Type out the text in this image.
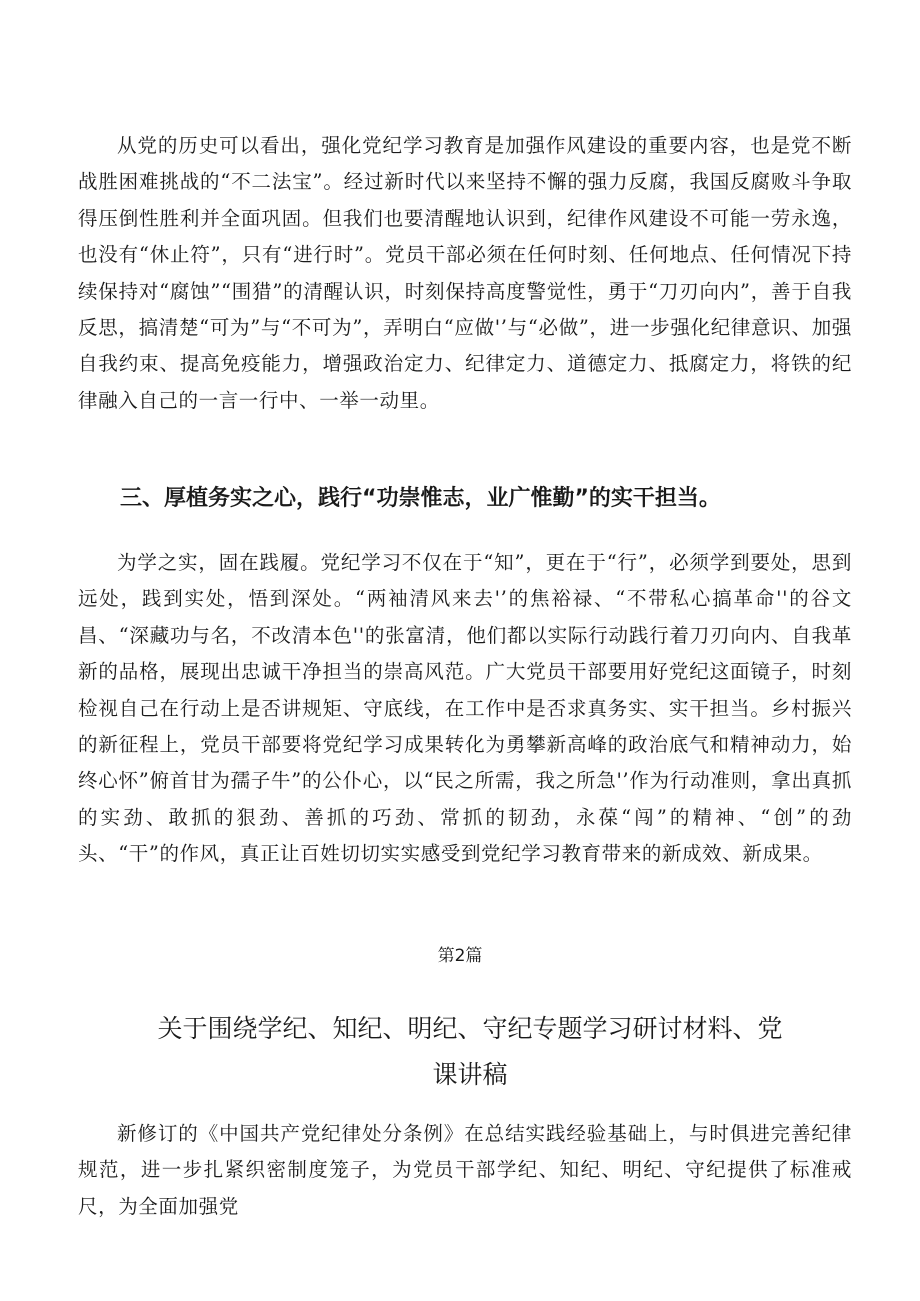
从党的历史可以看出，强化党纪学习教育是加强作风建设的重要内容，也是党不断战胜困难挑战的“不二法宝”。经过新时代以来坚持不懈的强力反腐，我国反腐败斗争取得压倒性胜利并全面巩固。但我们也要清醒地认识到，纪律作风建设不可能一劳永逸，也没有“休止符”，只有“进行时”。党员干部必须在任何时刻、任何地点、任何情况下持续保持对“腐蚀”“围猎”的清醒认识，时刻保持高度警觉性，勇于“刀刃向内”，善于自我反思，搞清楚“可为”与“不可为”，弄明白“应做'’与“必做”，进一步强化纪律意识、加强自我约束、提高免疫能力，增强政治定力、纪律定力、道德定力、抵腐定力，将铁的纪律融入自己的一言一行中、一举一动里。

三、厚植务实之心，践行“功崇惟志，业广惟勤”的实干担当。

为学之实，固在践履。党纪学习不仅在于“知”，更在于“行”，必须学到要处，思到远处，践到实处，悟到深处。“两袖清风来去'’的焦裕禄、“不带私心搞革命''的谷文昌、“深藏功与名，不改清本色''的张富清，他们都以实际行动践行着刀刃向内、自我革新的品格，展现出忠诚干净担当的崇高风范。广大党员干部要用好党纪这面镜子，时刻检视自己在行动上是否讲规矩、守底线，在工作中是否求真务实、实干担当。乡村振兴的新征程上，党员干部要将党纪学习成果转化为勇攀新高峰的政治底气和精神动力，始终心怀”俯首甘为孺子牛”的公仆心，以“民之所需，我之所急'’作为行动准则，拿出真抓的实劲、敢抓的狠劲、善抓的巧劲、常抓的韧劲，永葆“闯”的精神、“创”的劲头、“干”的作风，真正让百姓切切实实感受到党纪学习教育带来的新成效、新成果。

第2篇
关于围绕学纪、知纪、明纪、守纪专题学习研讨材料、党课讲稿

新修订的《中国共产党纪律处分条例》在总结实践经验基础上，与时俱进完善纪律规范，进一步扎紧织密制度笼子，为党员干部学纪、知纪、明纪、守纪提供了标准戒尺，为全面加强党
